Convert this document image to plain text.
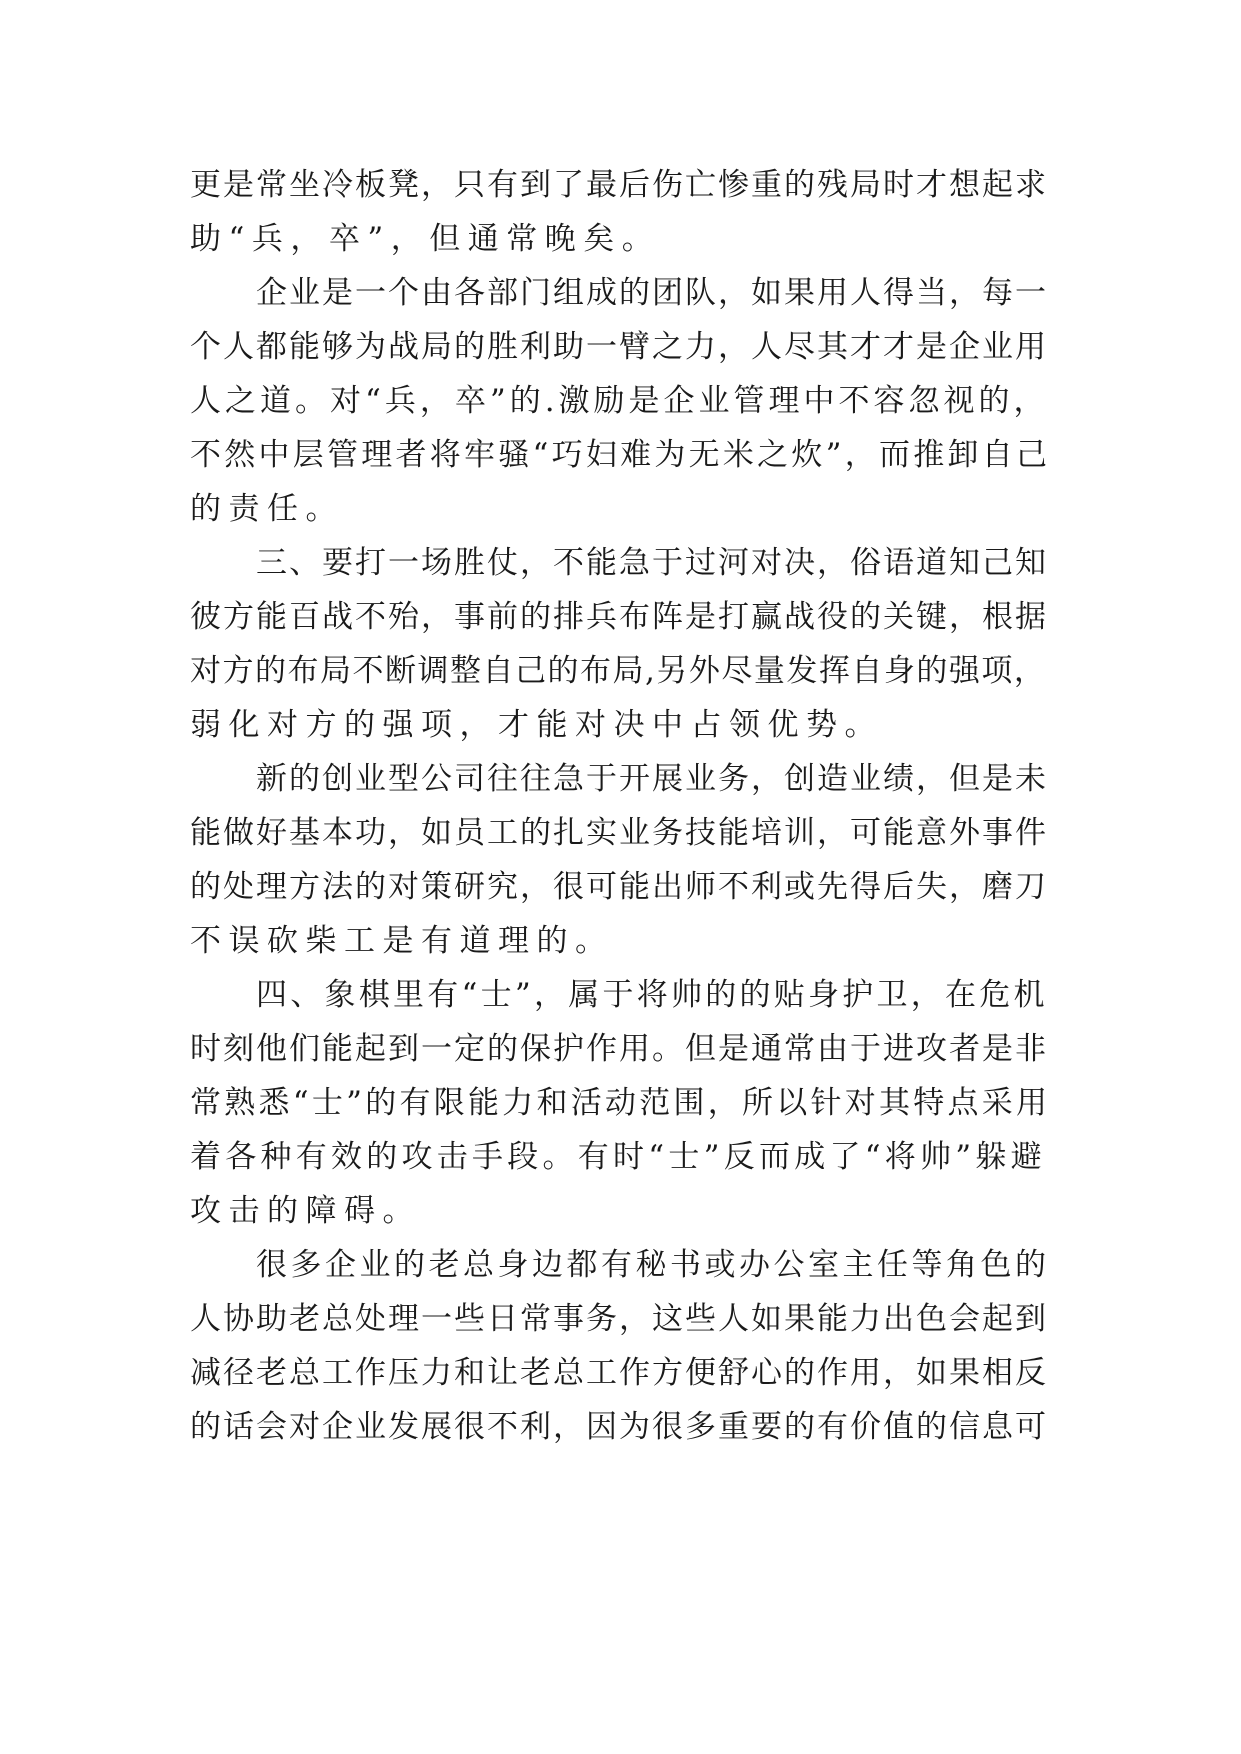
更是常坐冷板凳，只有到了最后伤亡惨重的残局时才想起求
助“兵，卒”，但通常晚矣。
企业是一个由各部门组成的团队，如果用人得当，每一
个人都能够为战局的胜利助一臂之力，人尽其才才是企业用
人之道。对“兵，卒”的.激励是企业管理中不容忽视的，
不然中层管理者将牢骚“巧妇难为无米之炊”，而推卸自己
的责任。
三、要打一场胜仗，不能急于过河对决，俗语道知己知
彼方能百战不殆，事前的排兵布阵是打赢战役的关键，根据
对方的布局不断调整自己的布局,另外尽量发挥自身的强项，
弱化对方的强项，才能对决中占领优势。
新的创业型公司往往急于开展业务，创造业绩，但是未
能做好基本功，如员工的扎实业务技能培训，可能意外事件
的处理方法的对策研究，很可能出师不利或先得后失，磨刀
不误砍柴工是有道理的。
四、象棋里有“士”，属于将帅的的贴身护卫，在危机
时刻他们能起到一定的保护作用。但是通常由于进攻者是非
常熟悉“士”的有限能力和活动范围，所以针对其特点采用
着各种有效的攻击手段。有时“士”反而成了“将帅”躲避
攻击的障碍。
很多企业的老总身边都有秘书或办公室主任等角色的
人协助老总处理一些日常事务，这些人如果能力出色会起到
减径老总工作压力和让老总工作方便舒心的作用，如果相反
的话会对企业发展很不利，因为很多重要的有价值的信息可
